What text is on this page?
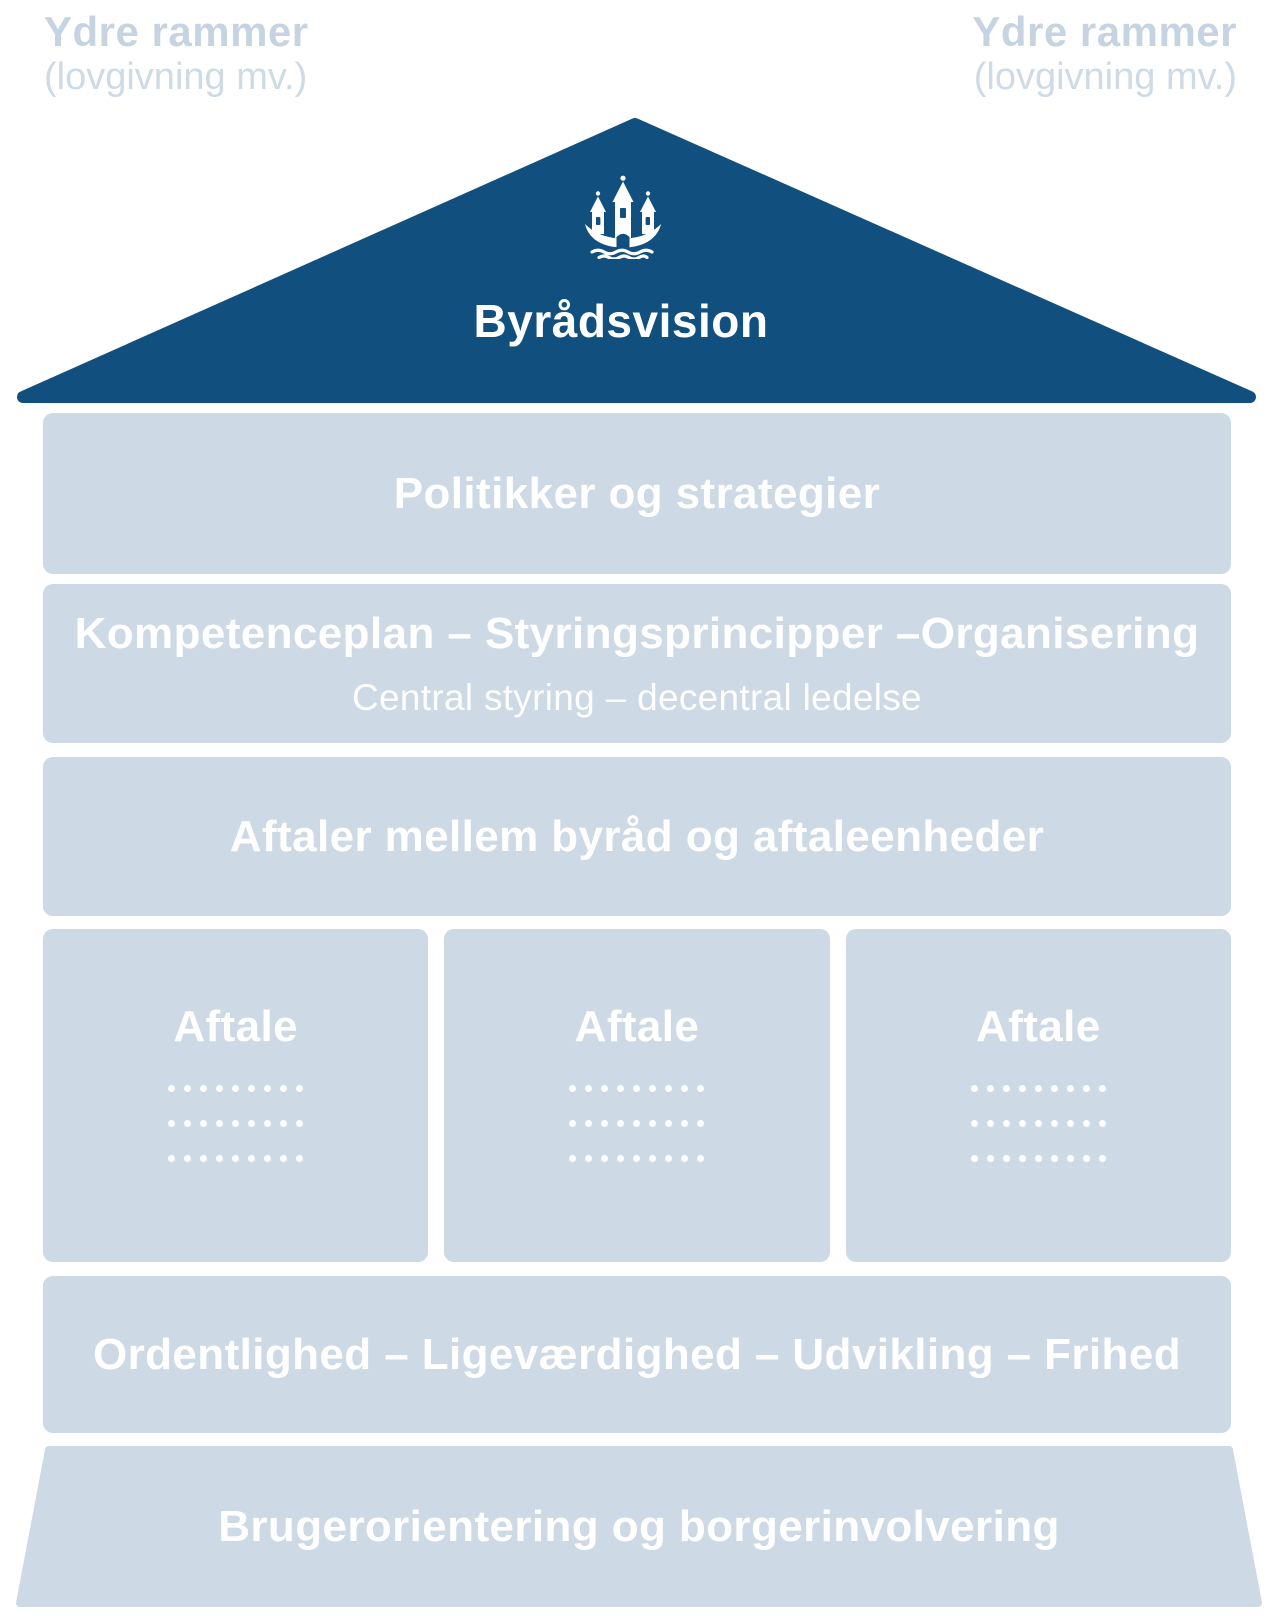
Ydre rammer
(lovgivning mv.)
Ydre rammer
(lovgivning mv.)
Byrådsvision
Politikker og strategier
Kompetenceplan – Styringsprincipper –Organisering
Central styring – decentral ledelse
Aftaler mellem byråd og aftaleenheder
Aftale	Aftale	Aftale
Ordentlighed – Ligeværdighed – Udvikling – Frihed
Brugerorientering og borgerinvolvering
